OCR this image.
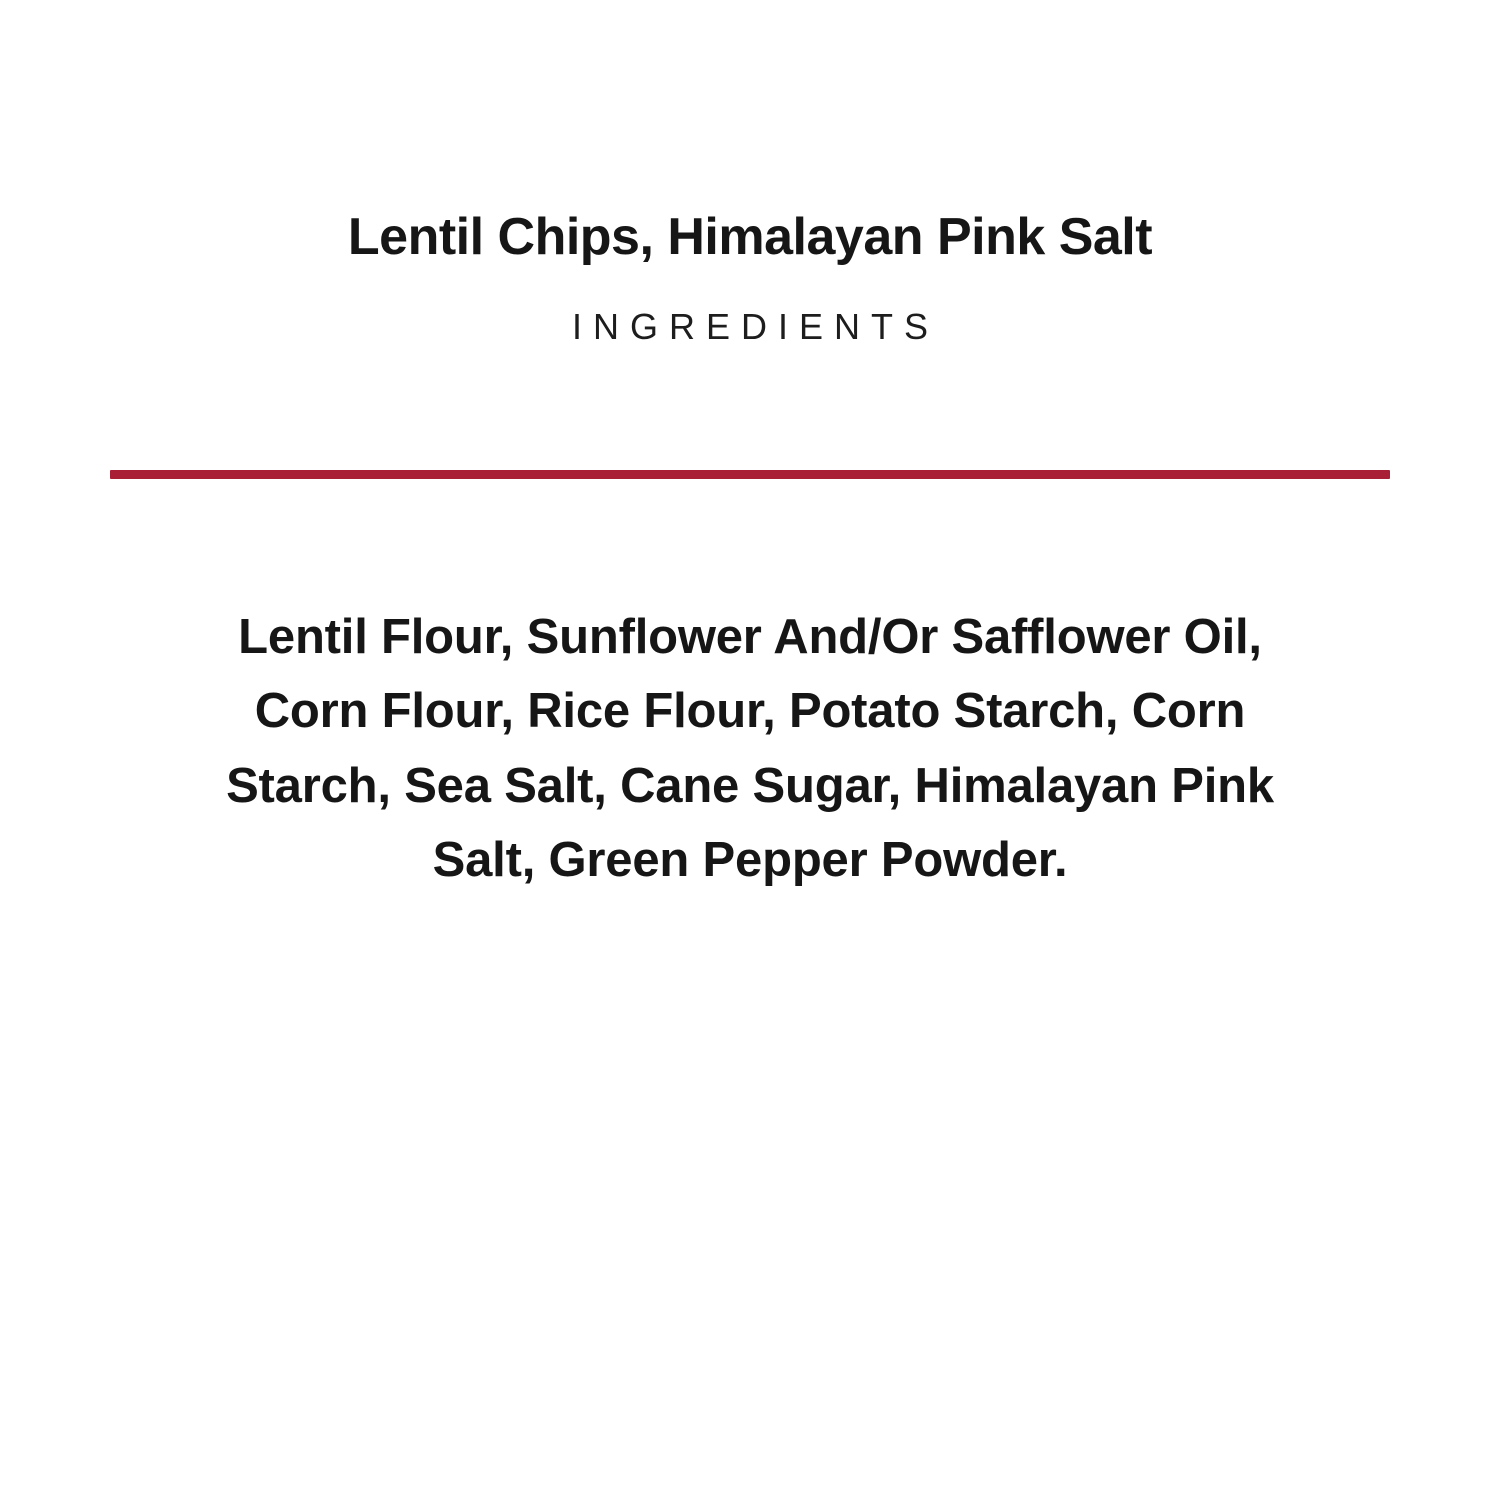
Lentil Chips, Himalayan Pink Salt
INGREDIENTS
Lentil Flour, Sunflower And/Or Safflower Oil, Corn Flour, Rice Flour, Potato Starch, Corn Starch, Sea Salt, Cane Sugar, Himalayan Pink Salt, Green Pepper Powder.
